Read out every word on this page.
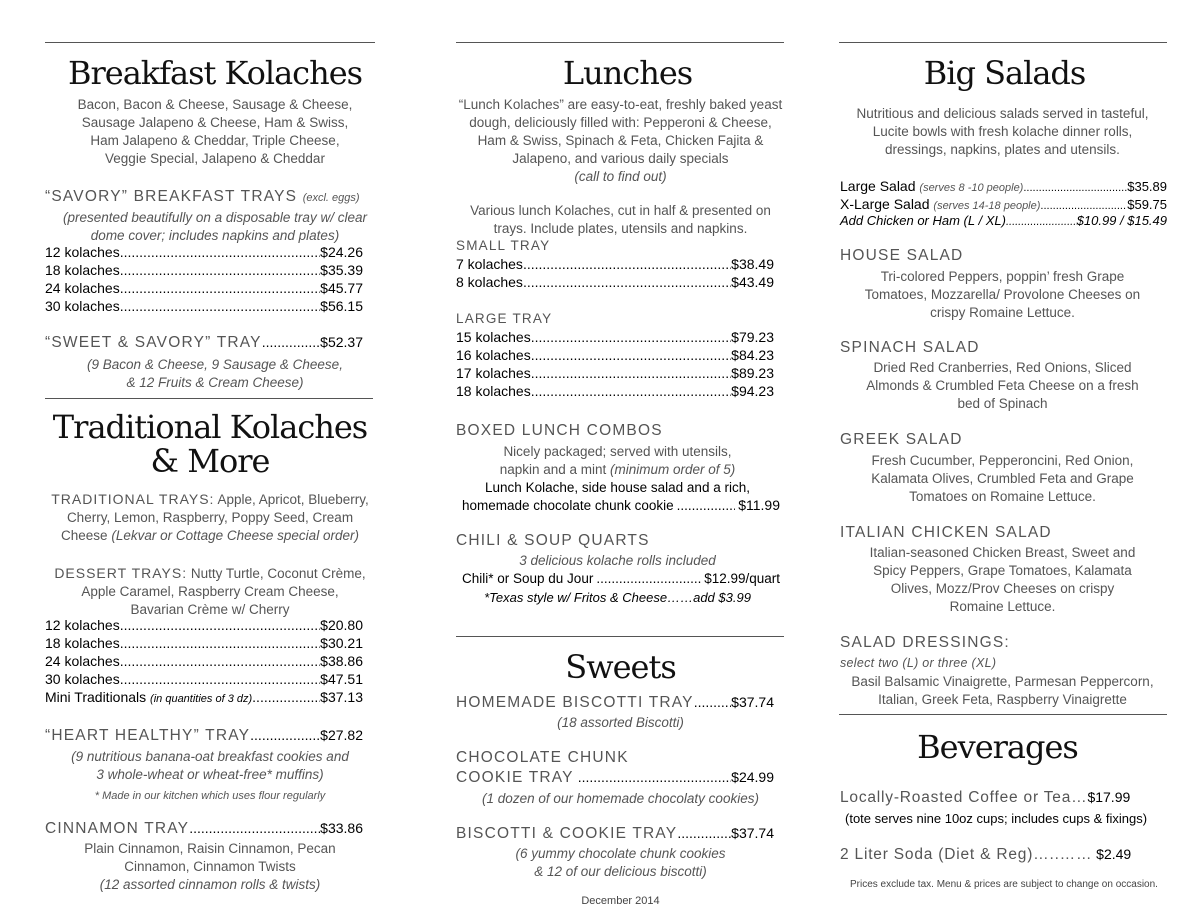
Breakfast Kolaches
Bacon, Bacon & Cheese, Sausage & Cheese,
Sausage Jalapeno & Cheese, Ham & Swiss,
Ham Jalapeno & Cheddar, Triple Cheese,
Veggie Special, Jalapeno & Cheddar
“SAVORY” BREAKFAST TRAYS (excl. eggs)
(presented beautifully on a disposable tray w/ clear
dome cover; includes napkins and plates)
12 kolaches .....	$24.26
18 kolaches .....	$35.39
24 kolaches .....	$45.77
30 kolaches .....	$56.15
“SWEET & SAVORY” TRAY .....	$52.37
(9 Bacon & Cheese, 9 Sausage & Cheese,
& 12 Fruits & Cream Cheese)
Traditional Kolaches
& More
TRADITIONAL TRAYS: Apple, Apricot, Blueberry,
Cherry, Lemon, Raspberry, Poppy Seed, Cream
Cheese (Lekvar or Cottage Cheese special order)
DESSERT TRAYS: Nutty Turtle, Coconut Crème,
Apple Caramel, Raspberry Cream Cheese,
Bavarian Crème w/ Cherry
12 kolaches .....	$20.80
18 kolaches .....	$30.21
24 kolaches .....	$38.86
30 kolaches .....	$47.51
Mini Traditionals
(in quantities of 3 dz) .....	$37.13
“HEART HEALTHY” TRAY .....	$27.82
(9 nutritious banana-oat breakfast cookies and
3 whole-wheat or wheat-free* muffins)
* Made in our kitchen which uses flour regularly
CINNAMON TRAY .....	$33.86
Plain Cinnamon, Raisin Cinnamon, Pecan
Cinnamon, Cinnamon Twists
(12 assorted cinnamon rolls & twists)
Lunches
“Lunch Kolaches” are easy-to-eat, freshly baked yeast
dough, deliciously filled with: Pepperoni & Cheese,
Ham & Swiss, Spinach & Feta, Chicken Fajita &
Jalapeno, and various daily specials
(call to find out)
Various lunch Kolaches, cut in half & presented on
trays. Include plates, utensils and napkins.
SMALL TRAY
7 kolaches .....	$38.49
8 kolaches .....	$43.49
LARGE TRAY
15 kolaches .....	$79.23
16 kolaches .....	$84.23
17 kolaches .....	$89.23
18 kolaches .....	$94.23
BOXED LUNCH COMBOS
Nicely packaged; served with utensils,
napkin and a mint (minimum order of 5)
Lunch Kolache, side house salad and a rich,
homemade chocolate chunk cookie .....	$11.99
CHILI & SOUP QUARTS
3 delicious kolache rolls included
Chili* or Soup du Jour .....	$12.99/quart
*Texas style w/ Fritos & Cheese……add $3.99
Sweets
HOMEMADE BISCOTTI TRAY .....	$37.74
(18 assorted Biscotti)
CHOCOLATE CHUNK
COOKIE TRAY .....	$24.99
(1 dozen of our homemade chocolaty cookies)
BISCOTTI & COOKIE TRAY .....	$37.74
(6 yummy chocolate chunk cookies
& 12 of our delicious biscotti)
December 2014
Big Salads
Nutritious and delicious salads served in tasteful,
Lucite bowls with fresh kolache dinner rolls,
dressings, napkins, plates and utensils.
Large Salad
(serves 8 -10 people) .....	$35.89
X-Large Salad
(serves 14-18 people) .....	$59.75
Add Chicken or Ham (L / XL) .....	$10.99 / $15.49
HOUSE SALAD
Tri-colored Peppers, poppin’ fresh Grape
Tomatoes, Mozzarella/ Provolone Cheeses on
crispy Romaine Lettuce.
SPINACH SALAD
Dried Red Cranberries, Red Onions, Sliced
Almonds & Crumbled Feta Cheese on a fresh
bed of Spinach
GREEK SALAD
Fresh Cucumber, Pepperoncini, Red Onion,
Kalamata Olives, Crumbled Feta and Grape
Tomatoes on Romaine Lettuce.
ITALIAN CHICKEN SALAD
Italian-seasoned Chicken Breast, Sweet and
Spicy Peppers, Grape Tomatoes, Kalamata
Olives, Mozz/Prov Cheeses on crispy
Romaine Lettuce.
SALAD DRESSINGS:
select two (L) or three (XL)
Basil Balsamic Vinaigrette, Parmesan Peppercorn,
Italian, Greek Feta, Raspberry Vinaigrette
Beverages
Locally-Roasted Coffee or Tea… $17.99
(tote serves nine 10oz cups; includes cups & fixings)
2 Liter Soda (Diet & Reg)…..……
$2.49
Prices exclude tax. Menu & prices are subject to change on occasion.
